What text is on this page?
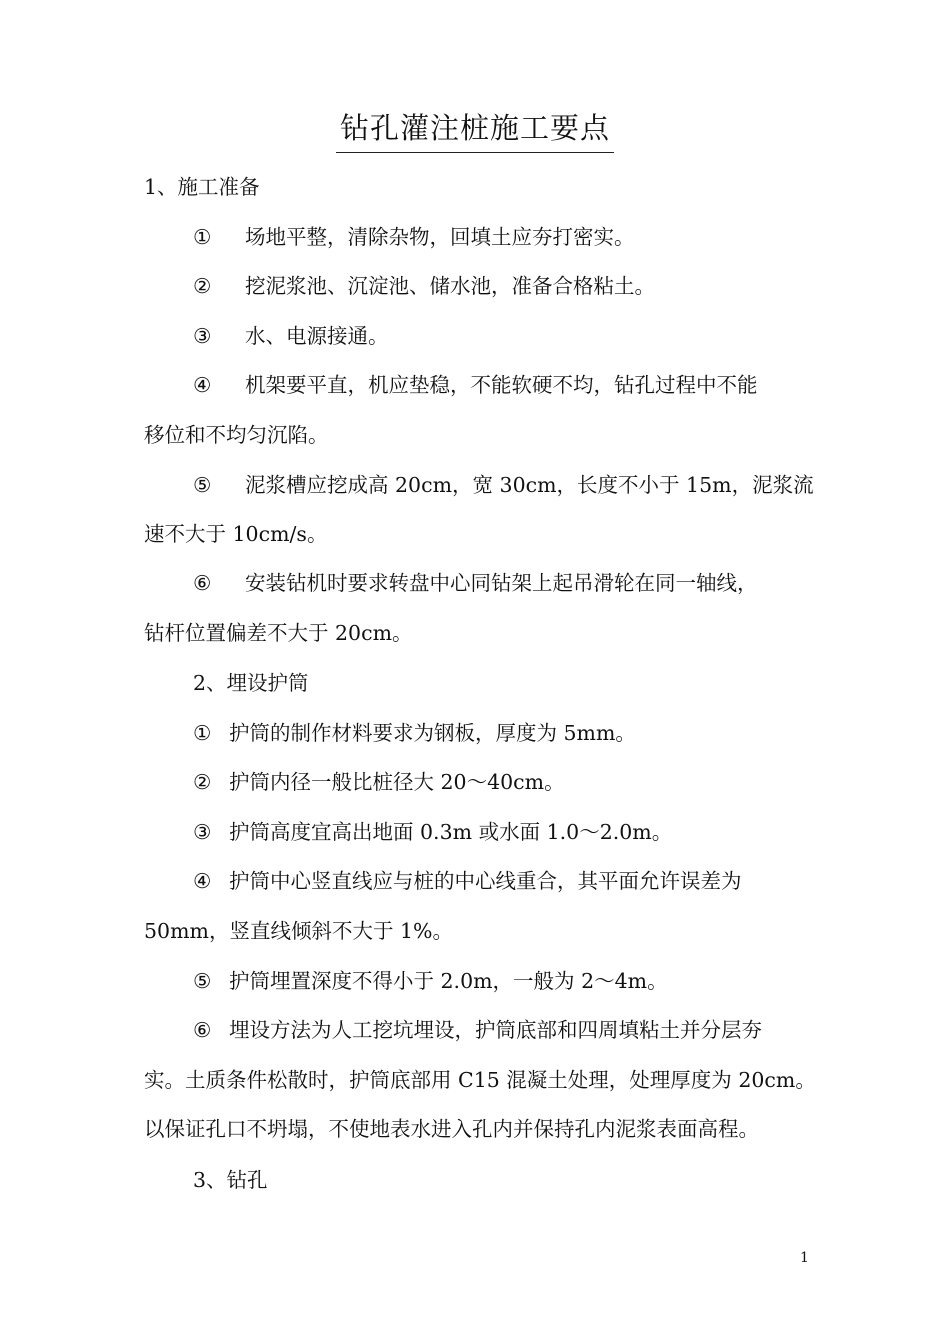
钻孔灌注桩施工要点
1、施工准备
① 场地平整，清除杂物，回填土应夯打密实。
② 挖泥浆池、沉淀池、储水池，准备合格粘土。
③ 水、电源接通。
④ 机架要平直，机应垫稳，不能软硬不均，钻孔过程中不能
移位和不均匀沉陷。
⑤ 泥浆槽应挖成高 20cm，宽 30cm，长度不小于 15m，泥浆流
速不大于 10cm/s。
⑥ 安装钻机时要求转盘中心同钻架上起吊滑轮在同一轴线，
钻杆位置偏差不大于 20cm。
2、埋设护筒
① 护筒的制作材料要求为钢板，厚度为 5mm。
② 护筒内径一般比桩径大 20～40cm。
③ 护筒高度宜高出地面 0.3m 或水面 1.0～2.0m。
④ 护筒中心竖直线应与桩的中心线重合，其平面允许误差为
50mm，竖直线倾斜不大于 1%。
⑤ 护筒埋置深度不得小于 2.0m，一般为 2～4m。
⑥ 埋设方法为人工挖坑埋设，护筒底部和四周填粘土并分层夯
实。土质条件松散时，护筒底部用 C15 混凝土处理，处理厚度为 20cm。
以保证孔口不坍塌，不使地表水进入孔内并保持孔内泥浆表面高程。
3、钻孔
1
